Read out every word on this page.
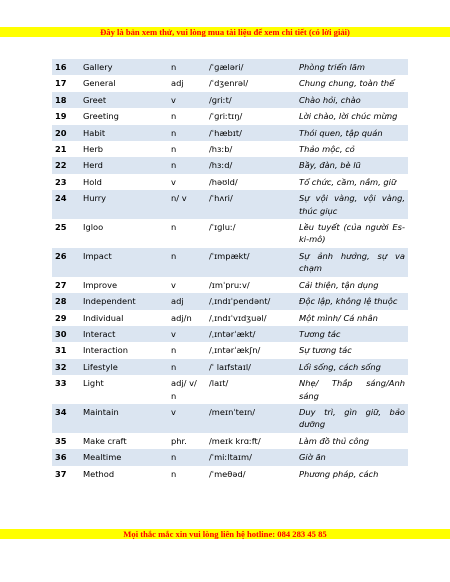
Đây là bản xem thử, vui lòng mua tài liệu để xem chi tiết (có lời giải)
16	Gallery	n	/ˈɡæləri/	Phòng triển lãm
17	General	adj	/ˈdʒenrəl/	Chung chung, toàn thể
18	Greet	v	/ɡriːt/	Chào hỏi, chào
19	Greeting	n	/ˈɡriːtɪŋ/	Lời chào, lời chúc mừng
20	Habit	n	/ˈhæbɪt/	Thói quen, tập quán
21	Herb	n	/hɜːb/	Thảo mộc, cỏ
22	Herd	n	/hɜːd/	Bầy, đàn, bè lũ
23	Hold	v	/həʊld/	Tổ chức, cầm, nắm, giữ
24	Hurry	n/ v	/ˈhʌri/	Sự vội vàng, vội vàng, thúc giục
25	Igloo	n	/ˈɪɡluː/	Lều tuyết (của người Es-ki-mô)
26	Impact	n	/ˈɪmpækt/	Sự ảnh hưởng, sự va chạm
27	Improve	v	/ɪmˈpruːv/	Cải thiện, tận dụng
28	Independent	adj	/ˌɪndɪˈpendənt/	Độc lập, không lệ thuộc
29	Individual	adj/n	/ˌɪndɪˈvɪdʒuəl/	Một mình/ Cá nhân
30	Interact	v	/ˌɪntərˈækt/	Tương tác
31	Interaction	n	/ˌɪntərˈækʃn/	Sự tương tác
32	Lifestyle	n	/ˈ laɪfstaɪl/	Lối sống, cách sống
33	Light	adj/ v/ n	/laɪt/	Nhẹ/ Thắp sáng/Anh sáng
34	Maintain	v	/meɪnˈteɪn/	Duy trì, gìn giữ, bảo dưỡng
35	Make craft	phr.	/meɪk krɑːft/	Làm đồ thủ công
36	Mealtime	n	/ˈmiːltaɪm/	Giờ ăn
37	Method	n	/ˈmeθəd/	Phương pháp, cách
Mọi thắc mắc xin vui lòng liên hệ hotline: 084 283 45 85
